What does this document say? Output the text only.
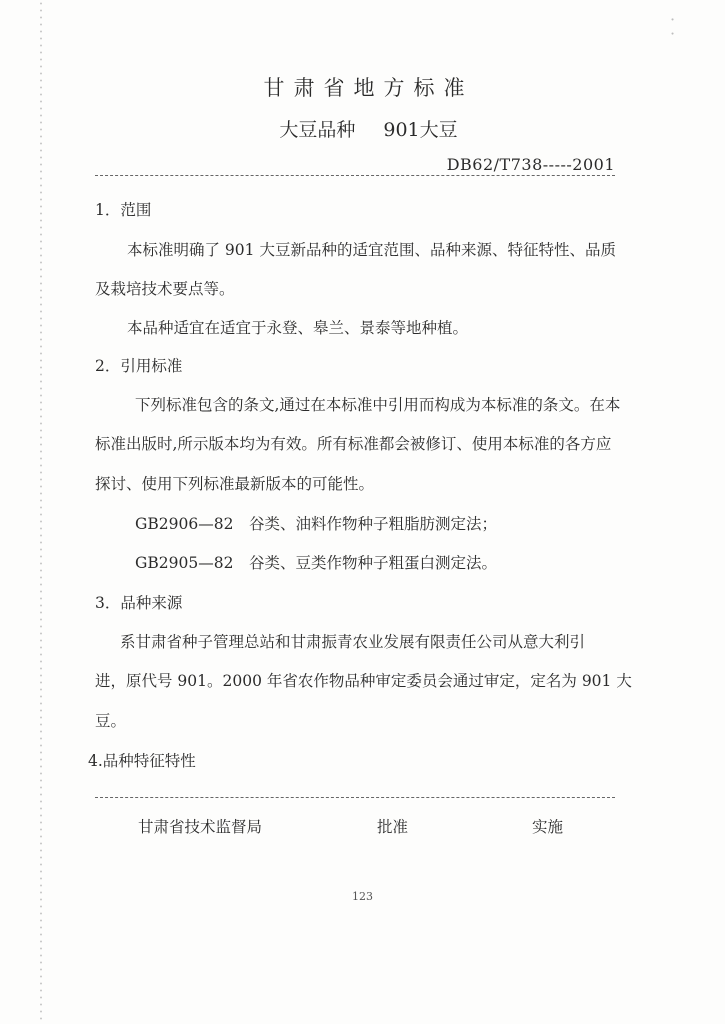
· ·
甘肃省地方标准
大豆品种 901大豆
DB62/T738-----2001
1．范围
本标准明确了 901 大豆新品种的适宜范围、品种来源、特征特性、品质
及栽培技术要点等。
本品种适宜在适宜于永登、皋兰、景泰等地种植。
2．引用标准
下列标准包含的条文,通过在本标准中引用而构成为本标准的条文。在本
标准出版时,所示版本均为有效。所有标准都会被修订、使用本标准的各方应
探讨、使用下列标准最新版本的可能性。
GB2906—82　谷类、油料作物种子粗脂肪测定法；
GB2905—82　谷类、豆类作物种子粗蛋白测定法。
3．品种来源
系甘肃省种子管理总站和甘肃振青农业发展有限责任公司从意大利引
进，原代号 901。2000 年省农作物品种审定委员会通过审定，定名为 901 大
豆。
4.品种特征特性
甘肃省技术监督局	批准	实施
123
